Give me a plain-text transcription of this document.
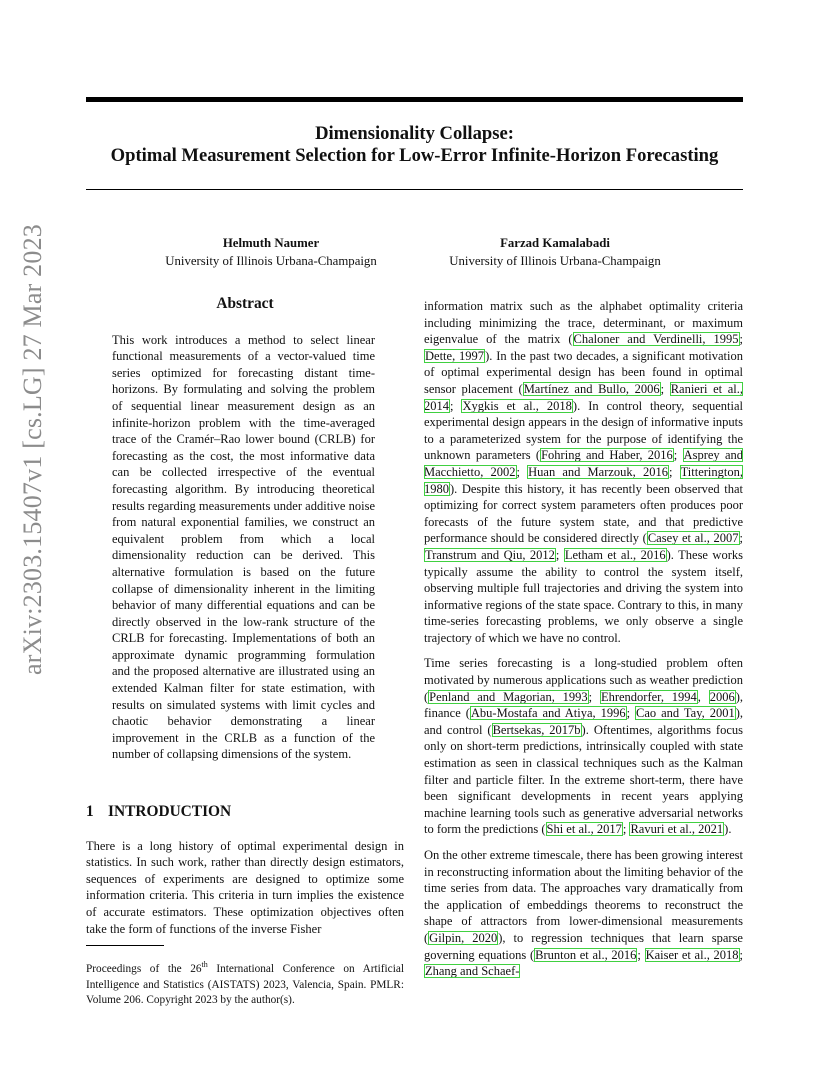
Dimensionality Collapse:
Optimal Measurement Selection for Low-Error Infinite-Horizon Forecasting
Helmuth Naumer
University of Illinois Urbana-Champaign
Farzad Kamalabadi
University of Illinois Urbana-Champaign
arXiv:2303.15407v1 [cs.LG] 27 Mar 2023	Abstract

This work introduces a method to select linear functional measurements of a vector-valued time series optimized for forecasting distant time-horizons. By formulating and solving the problem of sequential linear measurement design as an infinite-horizon problem with the time-averaged trace of the Cramér–Rao lower bound (CRLB) for forecasting as the cost, the most informative data can be collected irrespective of the eventual forecasting algorithm. By introducing theoretical results regarding measurements under additive noise from natural exponential families, we construct an equivalent problem from which a local dimensionality reduction can be derived. This alternative formulation is based on the future collapse of dimensionality inherent in the limiting behavior of many differential equations and can be directly observed in the low-rank structure of the CRLB for forecasting. Implementations of both an approximate dynamic programming formulation and the proposed alternative are illustrated using an extended Kalman filter for state estimation, with results on simulated systems with limit cycles and chaotic behavior demonstrating a linear improvement in the CRLB as a function of the number of collapsing dimensions of the system.

1 INTRODUCTION

There is a long history of optimal experimental design in statistics. In such work, rather than directly design estimators, sequences of experiments are designed to optimize some information criteria. This criteria in turn implies the existence of accurate estimators. These optimization objectives often take the form of functions of the inverse Fisher

Proceedings of the 26th International Conference on Artificial Intelligence and Statistics (AISTATS) 2023, Valencia, Spain. PMLR: Volume 206. Copyright 2023 by the author(s).

information matrix such as the alphabet optimality criteria including minimizing the trace, determinant, or maximum eigenvalue of the matrix (Chaloner and Verdinelli, 1995; Dette, 1997). In the past two decades, a significant motivation of optimal experimental design has been found in optimal sensor placement (Martínez and Bullo, 2006; Ranieri et al., 2014; Xygkis et al., 2018). In control theory, sequential experimental design appears in the design of informative inputs to a parameterized system for the purpose of identifying the unknown parameters (Fohring and Haber, 2016; Asprey and Macchietto, 2002; Huan and Marzouk, 2016; Titterington, 1980). Despite this history, it has recently been observed that optimizing for correct system parameters often produces poor forecasts of the future system state, and that predictive performance should be considered directly (Casey et al., 2007; Transtrum and Qiu, 2012; Letham et al., 2016). These works typically assume the ability to control the system itself, observing multiple full trajectories and driving the system into informative regions of the state space. Contrary to this, in many time-series forecasting problems, we only observe a single trajectory of which we have no control.

Time series forecasting is a long-studied problem often motivated by numerous applications such as weather prediction (Penland and Magorian, 1993; Ehrendorfer, 1994, 2006), finance (Abu-Mostafa and Atiya, 1996; Cao and Tay, 2001), and control (Bertsekas, 2017b). Oftentimes, algorithms focus only on short-term predictions, intrinsically coupled with state estimation as seen in classical techniques such as the Kalman filter and particle filter. In the extreme short-term, there have been significant developments in recent years applying machine learning tools such as generative adversarial networks to form the predictions (Shi et al., 2017; Ravuri et al., 2021).

On the other extreme timescale, there has been growing interest in reconstructing information about the limiting behavior of the time series from data. The approaches vary dramatically from the application of embeddings theorems to reconstruct the shape of attractors from lower-dimensional measurements (Gilpin, 2020), to regression techniques that learn sparse governing equations (Brunton et al., 2016; Kaiser et al., 2018; Zhang and Schaef-
